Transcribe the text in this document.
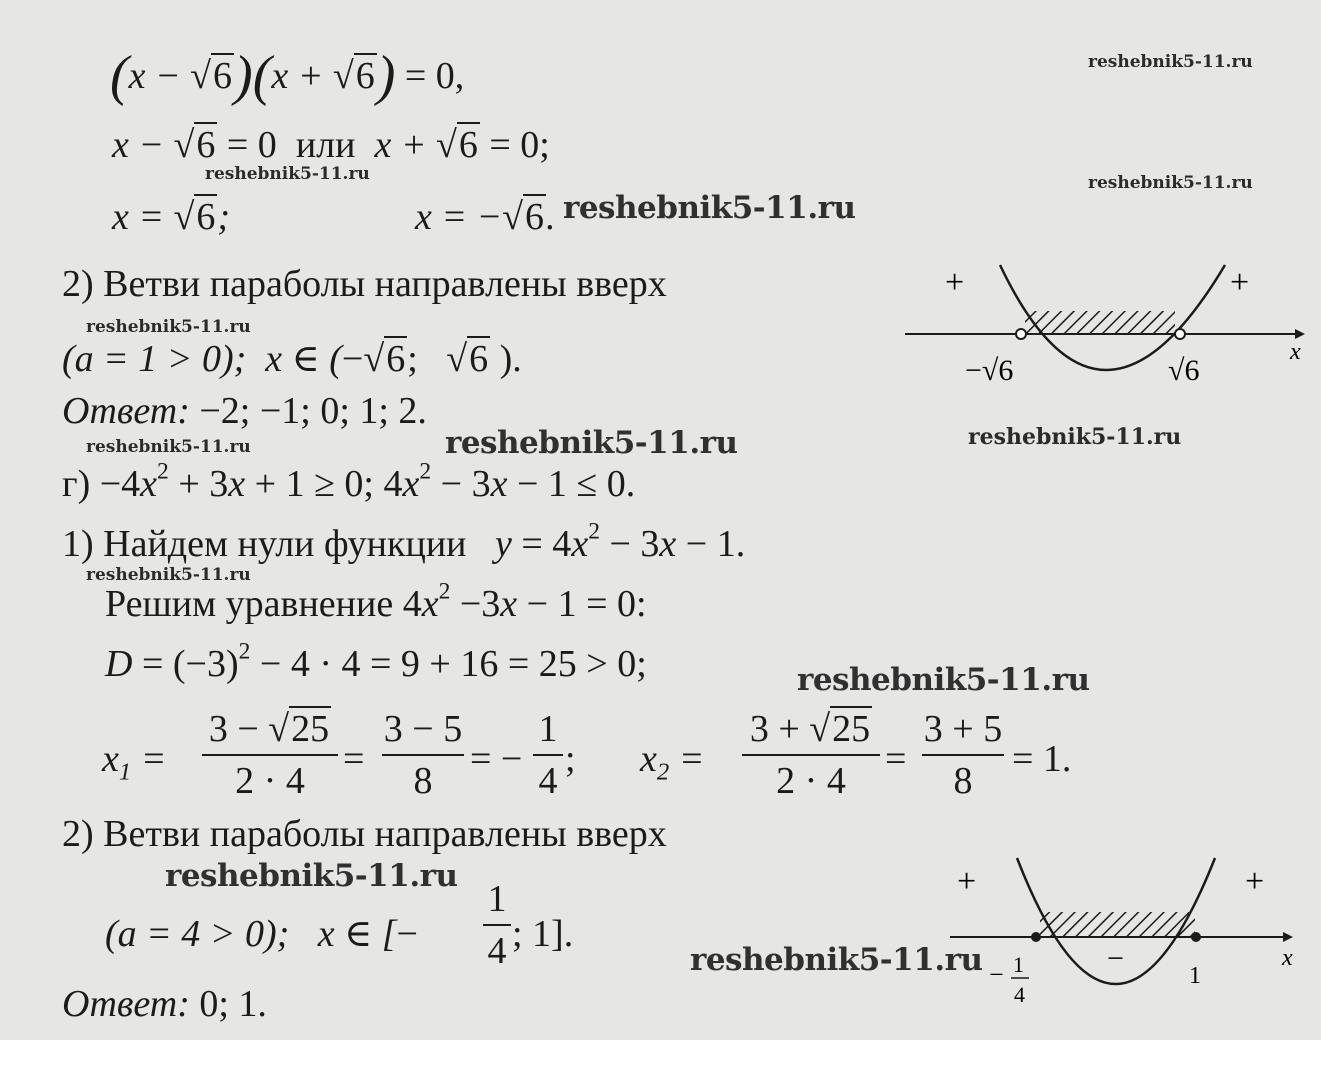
(x − √6)(x + √6) = 0,
x − √6 = 0 или  x + √6 = 0;
x = √6;	x = −√6.
2) Ветви параболы направлены вверх
(a = 1 > 0); x ∈ (−√6;   √6 ).
Ответ: −2; −1; 0; 1; 2.
+	+
x
−√6	√6
$г) -4x^2 + 3x + 1 \ge 0$; $4x^2 - 3x - 1 \le 0$.
1) Найдем нули функции $y = 4x^2 - 3x - 1$.
Решим уравнение $4x^2 -3x - 1 = 0$:
$D = (-3)^2 - 4 \cdot 4 = 9 + 16 = 25 > 0$;
$x_1$ =
3 − √25
2 · 4
=
3 − 5
8
= −
1
4
; $x_2$ =
3 + √25
2 · 4
=
3 + 5
8
= 1.
2) Ветви параболы направлены вверх
(a = 4 > 0); x ∈ [−
1
4 ; 1].
Ответ: 0; 1.
+	+
−	x
1
− 1
4
reshebnik5-11.ru
reshebnik5-11.ru	reshebnik5-11.ru
reshebnik5-11.ru
reshebnik5-11.ru
reshebnik5-11.ru	reshebnik5-11.ru	reshebnik5-11.ru
reshebnik5-11.ru
reshebnik5-11.ru
reshebnik5-11.ru
reshebnik5-11.ru
